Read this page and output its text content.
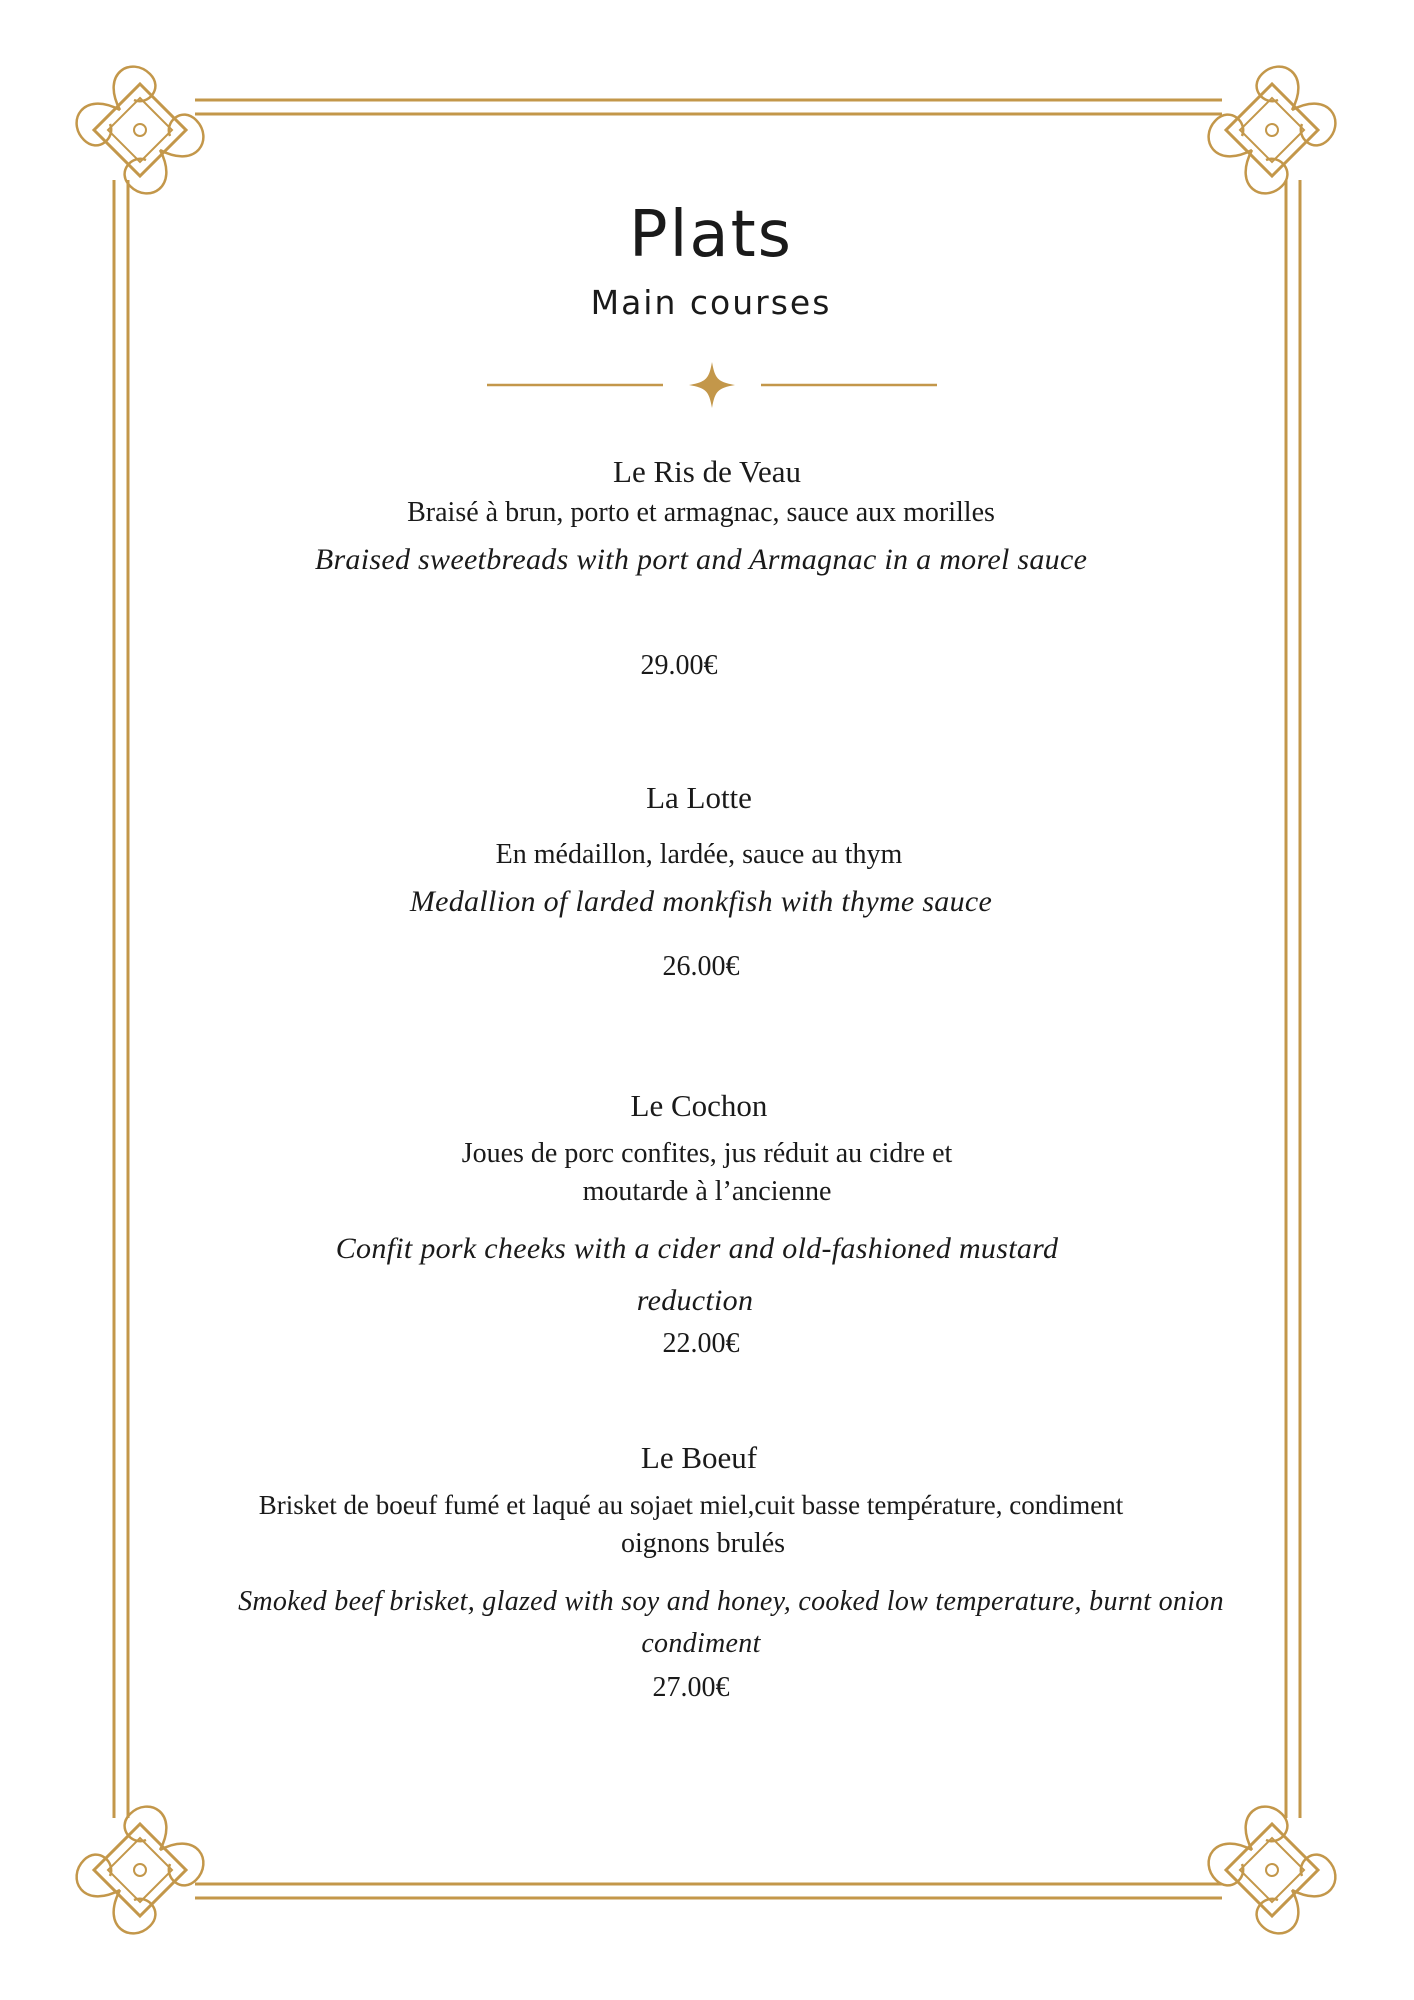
Plats
Main courses
Le Ris de Veau
Braisé à brun, porto et armagnac, sauce aux morilles
Braised sweetbreads with port and Armagnac in a morel sauce
29.00€
La Lotte
En médaillon, lardée, sauce au thym
Medallion of larded monkfish with thyme sauce
26.00€
Le Cochon
Joues de porc confites, jus réduit au cidre et
moutarde à l’ancienne
Confit pork cheeks with a cider and old-fashioned mustard
reduction
22.00€
Le Boeuf
Brisket de boeuf fumé et laqué au sojaet miel,cuit basse température, condiment
oignons brulés
Smoked beef brisket, glazed with soy and honey, cooked low temperature, burnt onion
condiment
27.00€
